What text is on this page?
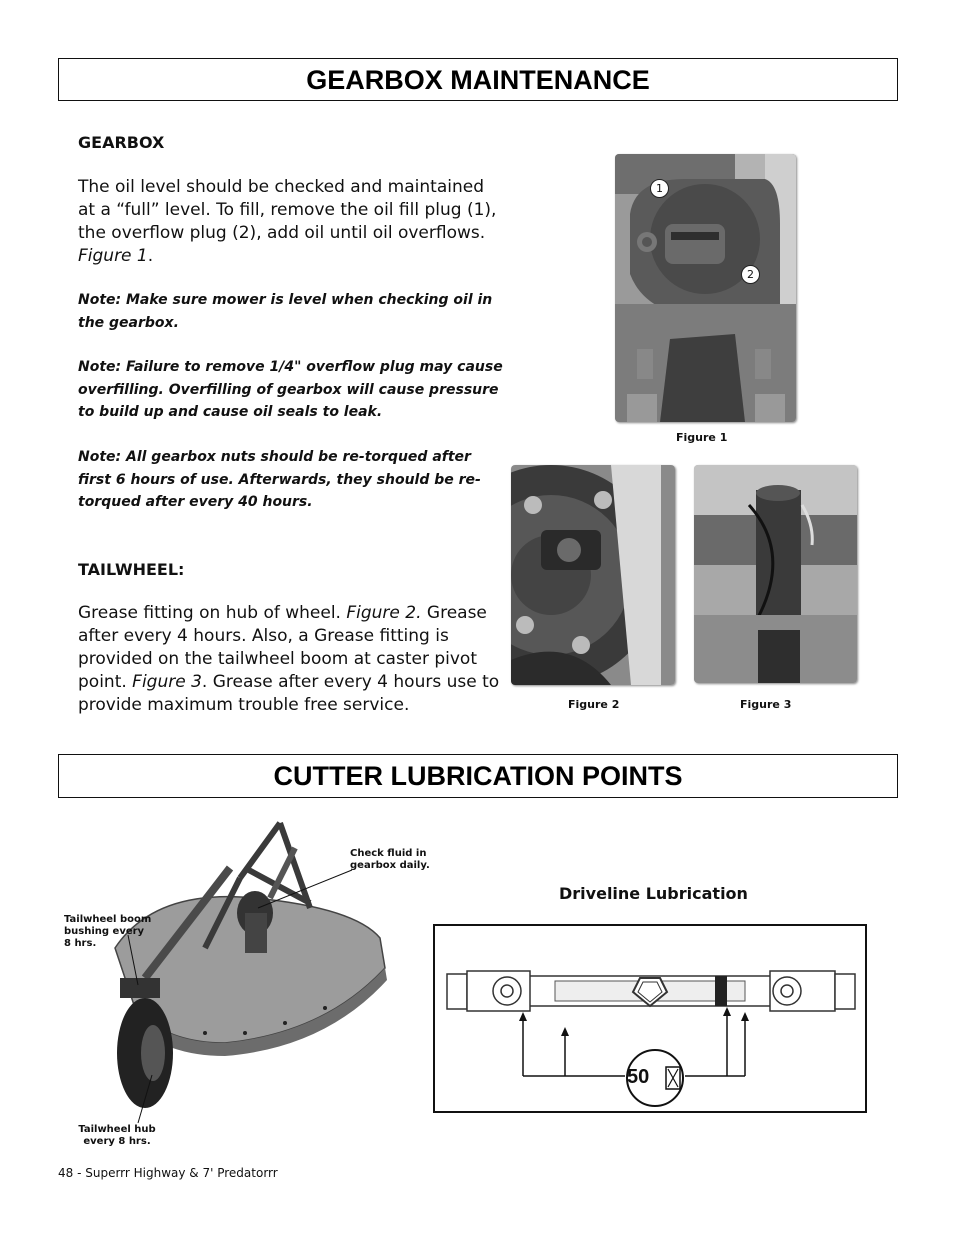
GEARBOX MAINTENANCE
GEARBOX
The oil level should be checked and maintained at a “full” level. To fill, remove the oil fill plug (1), the overflow plug (2), add oil until oil overflows. Figure 1.
Note: Make sure mower is level when checking oil in the gearbox.
Note: Failure to remove 1/4" overflow plug may cause overfilling. Overfilling of gearbox will cause pressure to build up and cause oil seals to leak.
Note: All gearbox nuts should be re-torqued after first 6 hours of use. Afterwards, they should be re-torqued after every 40 hours.
1
2
Figure 1
TAILWHEEL:
Grease fitting on hub of wheel. Figure 2. Grease after every 4 hours. Also, a Grease fitting is provided on the tailwheel boom at caster pivot point. Figure 3. Grease after every 4 hours use to provide maximum trouble free service.	Figure 2	Figure 3
CUTTER LUBRICATION POINTS
Check fluid in gearbox daily.
Tailwheel boom bushing every 8 hrs.
Tailwheel hub every 8 hrs.
Driveline Lubrication
50
48 - Superrr Highway & 7' Predatorrr
